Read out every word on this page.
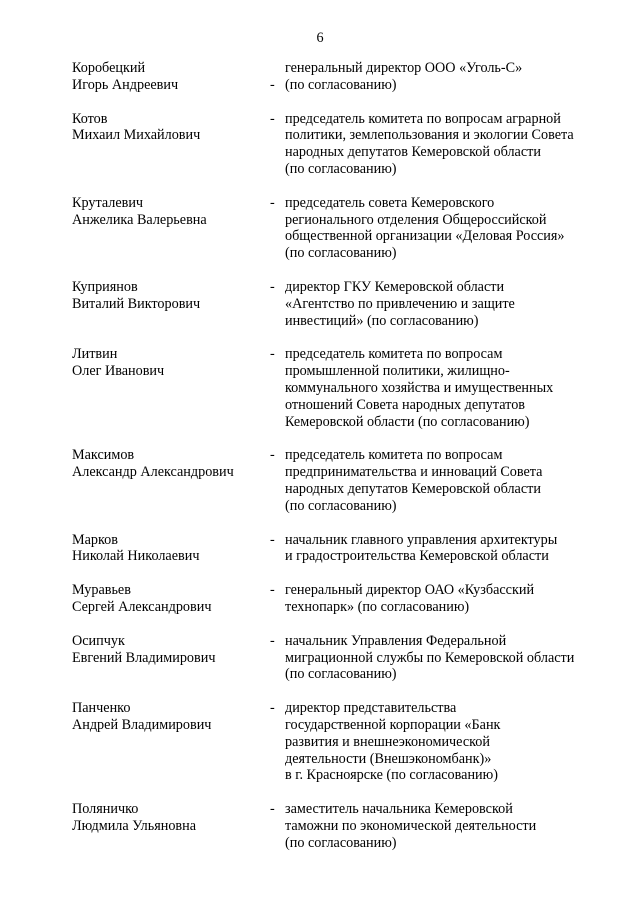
6
Коробецкий
Игорь Андреевич	-
генеральный директор ООО «Уголь-С»
(по согласованию)
Котов
Михаил Михайлович
- председатель комитета по вопросам аграрной
политики, землепользования и экологии Совета
народных депутатов Кемеровской области
(по согласованию)
Круталевич
Анжелика Валерьевна
- председатель совета Кемеровского
регионального отделения Общероссийской
общественной организации «Деловая Россия»
(по согласованию)
Куприянов
Виталий Викторович
- директор ГКУ Кемеровской области
«Агентство по привлечению и защите
инвестиций» (по согласованию)
Литвин
Олег Иванович
- председатель комитета по вопросам
промышленной политики, жилищно-
коммунального хозяйства и имущественных
отношений Совета народных депутатов
Кемеровской области (по согласованию)
Максимов
Александр Александрович
- председатель комитета по вопросам
предпринимательства и инноваций Совета
народных депутатов Кемеровской области
(по согласованию)
Марков
Николай Николаевич
- начальник главного управления архитектуры
и градостроительства Кемеровской области
Муравьев
Сергей Александрович
- генеральный директор ОАО «Кузбасский
технопарк» (по согласованию)
Осипчук
Евгений Владимирович
- начальник Управления Федеральной
миграционной службы по Кемеровской области
(по согласованию)
Панченко
Андрей Владимирович
- директор представительства
государственной корпорации «Банк
развития и внешнеэкономической
деятельности (Внешэкономбанк)»
в г. Красноярске (по согласованию)
Поляничко
Людмила Ульяновна
- заместитель начальника Кемеровской
таможни по экономической деятельности
(по согласованию)
